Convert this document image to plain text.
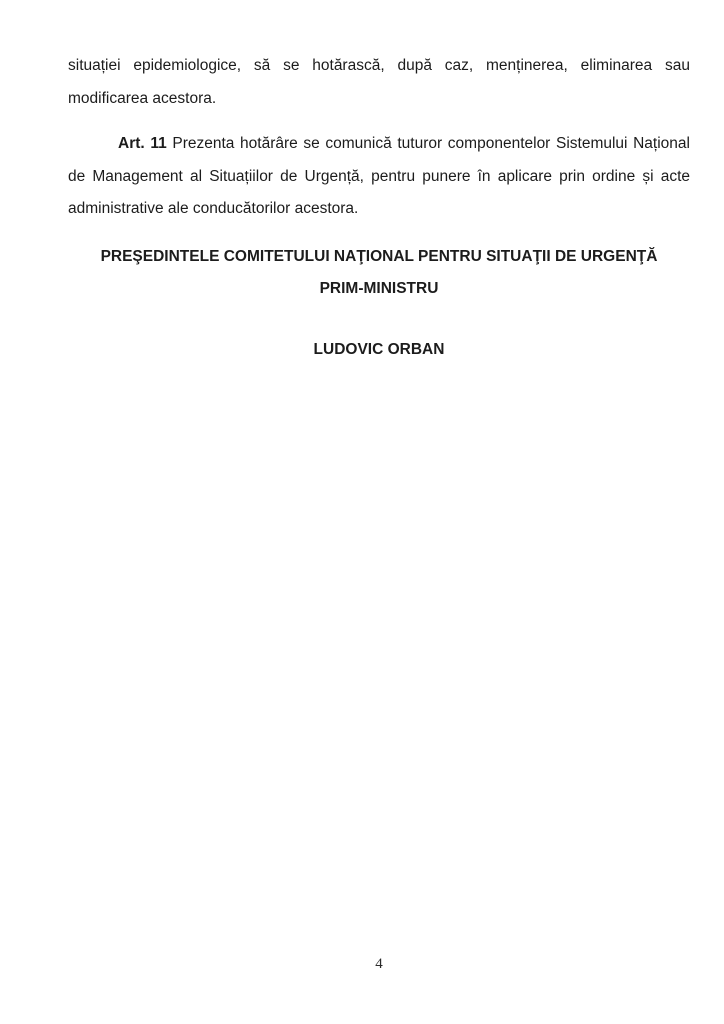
situației epidemiologice, să se hotărască, după caz, menținerea, eliminarea sau modificarea acestora.

Art. 11 Prezenta hotărâre se comunică tuturor componentelor Sistemului Național de Management al Situațiilor de Urgență, pentru punere în aplicare prin ordine și acte administrative ale conducătorilor acestora.

PREŞEDINTELE COMITETULUI NAŢIONAL PENTRU SITUAŢII DE URGENŢĂ

PRIM-MINISTRU

LUDOVIC ORBAN

4
